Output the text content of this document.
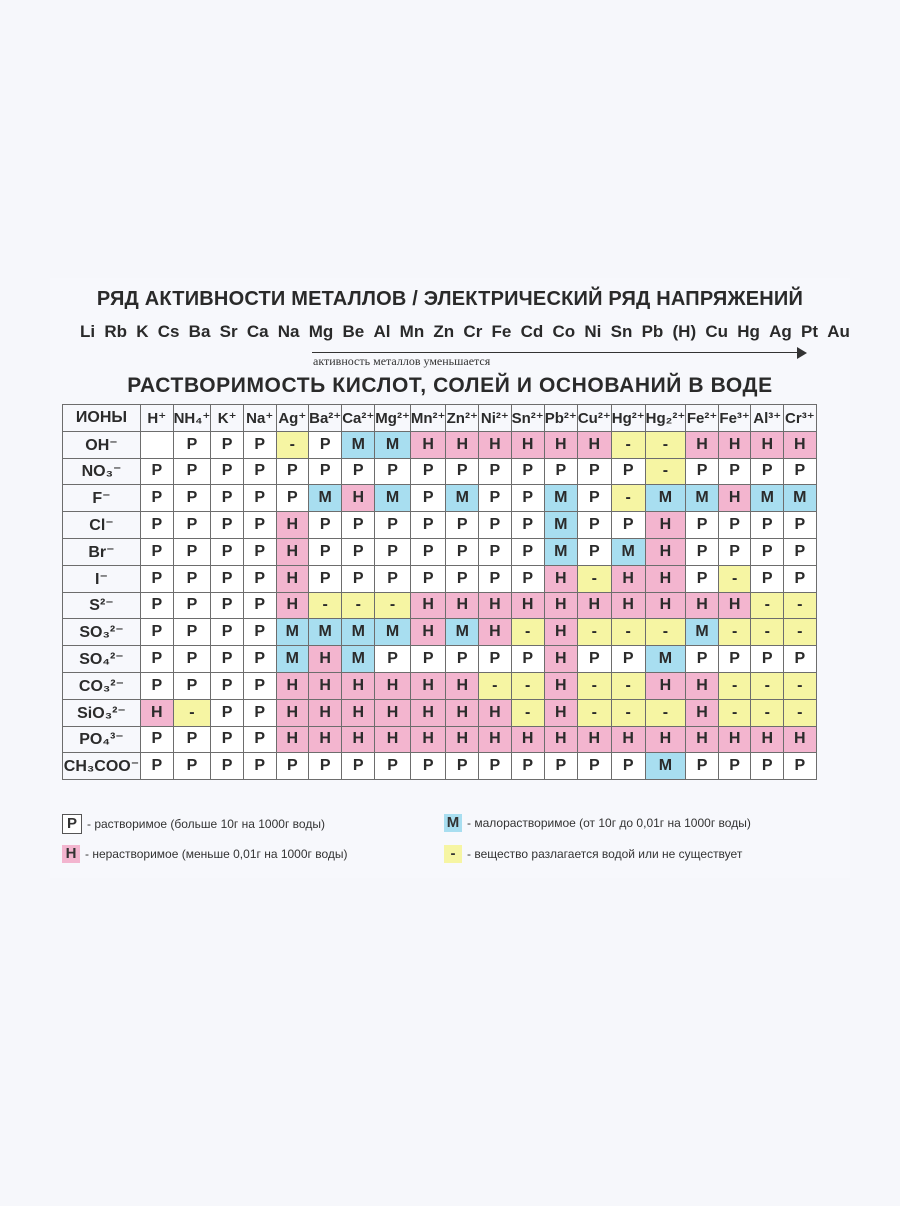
РЯД АКТИВНОСТИ МЕТАЛЛОВ / ЭЛЕКТРИЧЕСКИЙ РЯД НАПРЯЖЕНИЙ
Li Rb K Cs Ba Sr Ca Na Mg Be Al Mn Zn Cr Fe Cd Co Ni Sn Pb (H) Cu Hg Ag Pt Au
активность металлов уменьшается
РАСТВОРИМОСТЬ КИСЛОТ, СОЛЕЙ И ОСНОВАНИЙ В ВОДЕ
ИОНЫ	H⁺	NH₄⁺	K⁺	Na⁺	Ag⁺	Ba²⁺	Ca²⁺	Mg²⁺	Mn²⁺	Zn²⁺	Ni²⁺	Sn²⁺	Pb²⁺	Cu²⁺	Hg²⁺	Hg₂²⁺	Fe²⁺	Fe³⁺	Al³⁺	Cr³⁺
OH⁻		P	P	P	-	P	M	M	H	H	H	H	H	H	-	-	H	H	H	H
NO₃⁻	P	P	P	P	P	P	P	P	P	P	P	P	P	P	P	-	P	P	P	P
F⁻	P	P	P	P	P	M	H	M	P	M	P	P	M	P	-	M	M	H	M	M
Cl⁻	P	P	P	P	H	P	P	P	P	P	P	P	M	P	P	H	P	P	P	P
Br⁻	P	P	P	P	H	P	P	P	P	P	P	P	M	P	M	H	P	P	P	P
I⁻	P	P	P	P	H	P	P	P	P	P	P	P	H	-	H	H	P	-	P	P
S²⁻	P	P	P	P	H	-	-	-	H	H	H	H	H	H	H	H	H	H	-	-
SO₃²⁻	P	P	P	P	M	M	M	M	H	M	H	-	H	-	-	-	M	-	-	-
SO₄²⁻	P	P	P	P	M	H	M	P	P	P	P	P	H	P	P	M	P	P	P	P
CO₃²⁻	P	P	P	P	H	H	H	H	H	H	-	-	H	-	-	H	H	-	-	-
SiO₃²⁻	H	-	P	P	H	H	H	H	H	H	H	-	H	-	-	-	H	-	-	-
PO₄³⁻	P	P	P	P	H	H	H	H	H	H	H	H	H	H	H	H	H	H	H	H
CH₃COO⁻	P	P	P	P	P	P	P	P	P	P	P	P	P	P	P	M	P	P	P	P
P - растворимое (больше 10г на 1000г воды)	M - малорастворимое (от 10г до 0,01г на 1000г воды)
H - нерастворимое (меньше 0,01г на 1000г воды)	- - вещество разлагается водой или не существует
